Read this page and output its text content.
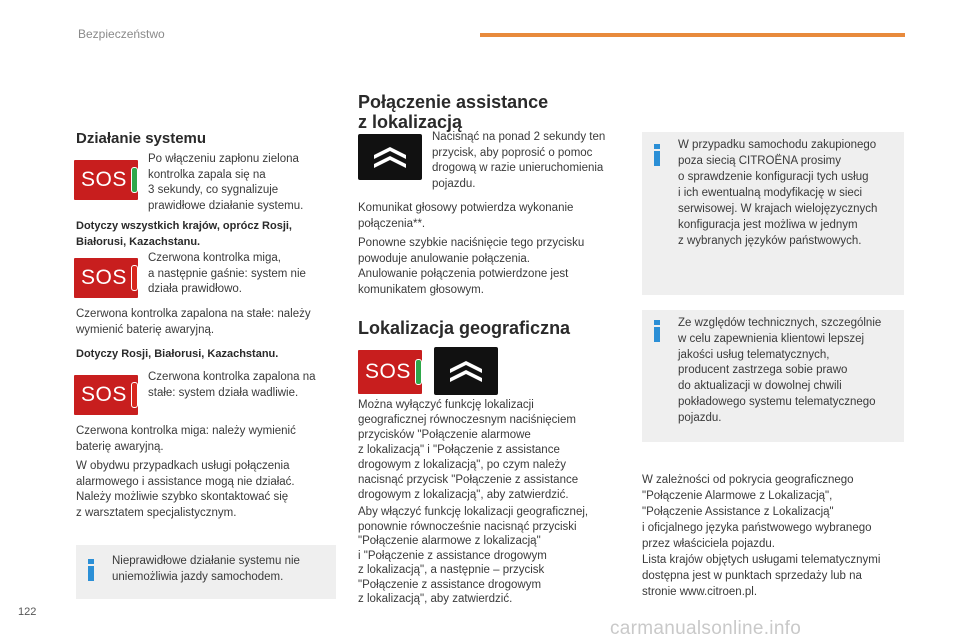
Bezpieczeństwo
Działanie systemu
SOS
Po włączeniu zapłonu zielona
kontrolka zapala się na
3 sekundy, co sygnalizuje
prawidłowe działanie systemu.
Dotyczy wszystkich krajów, oprócz Rosji,
Białorusi, Kazachstanu.
SOS
Czerwona kontrolka miga,
a następnie gaśnie: system nie
działa prawidłowo.
Czerwona kontrolka zapalona na stałe: należy
wymienić baterię awaryjną.
Dotyczy Rosji, Białorusi, Kazachstanu.
SOS
Czerwona kontrolka zapalona na
stałe: system działa wadliwie.
Czerwona kontrolka miga: należy wymienić
baterię awaryjną.
W obydwu przypadkach usługi połączenia
alarmowego i assistance mogą nie działać.
Należy możliwie szybko skontaktować się
z warsztatem specjalistycznym.
Nieprawidłowe działanie systemu nie
uniemożliwia jazdy samochodem.
Połączenie assistance
z lokalizacją
Nacisnąć na ponad 2 sekundy ten
przycisk, aby poprosić o pomoc
drogową w razie unieruchomienia
pojazdu.
Komunikat głosowy potwierdza wykonanie
połączenia**.
Ponowne szybkie naciśnięcie tego przycisku
powoduje anulowanie połączenia.
Anulowanie połączenia potwierdzone jest
komunikatem głosowym.
Lokalizacja geograficzna
SOS
Można wyłączyć funkcję lokalizacji
geograficznej równoczesnym naciśnięciem
przycisków "Połączenie alarmowe
z lokalizacją" i "Połączenie z assistance
drogowym z lokalizacją", po czym należy
nacisnąć przycisk "Połączenie z assistance
drogowym z lokalizacją", aby zatwierdzić.
Aby włączyć funkcję lokalizacji geograficznej,
ponownie równocześnie nacisnąć przyciski
"Połączenie alarmowe z lokalizacją"
i "Połączenie z assistance drogowym
z lokalizacją", a następnie – przycisk
"Połączenie z assistance drogowym
z lokalizacją", aby zatwierdzić.
W przypadku samochodu zakupionego
poza siecią CITROËNA prosimy
o sprawdzenie konfiguracji tych usług
i ich ewentualną modyfikację w sieci
serwisowej. W krajach wielojęzycznych
konfiguracja jest możliwa w jednym
z wybranych języków państwowych.
Ze względów technicznych, szczególnie
w celu zapewnienia klientowi lepszej
jakości usług telematycznych,
producent zastrzega sobie prawo
do aktualizacji w dowolnej chwili
pokładowego systemu telematycznego
pojazdu.
W zależności od pokrycia geograficznego
"Połączenie Alarmowe z Lokalizacją",
"Połączenie Assistance z Lokalizacją"
i oficjalnego języka państwowego wybranego
przez właściciela pojazdu.
Lista krajów objętych usługami telematycznymi
dostępna jest w punktach sprzedaży lub na
stronie www.citroen.pl.
122
carmanualsonline.info
